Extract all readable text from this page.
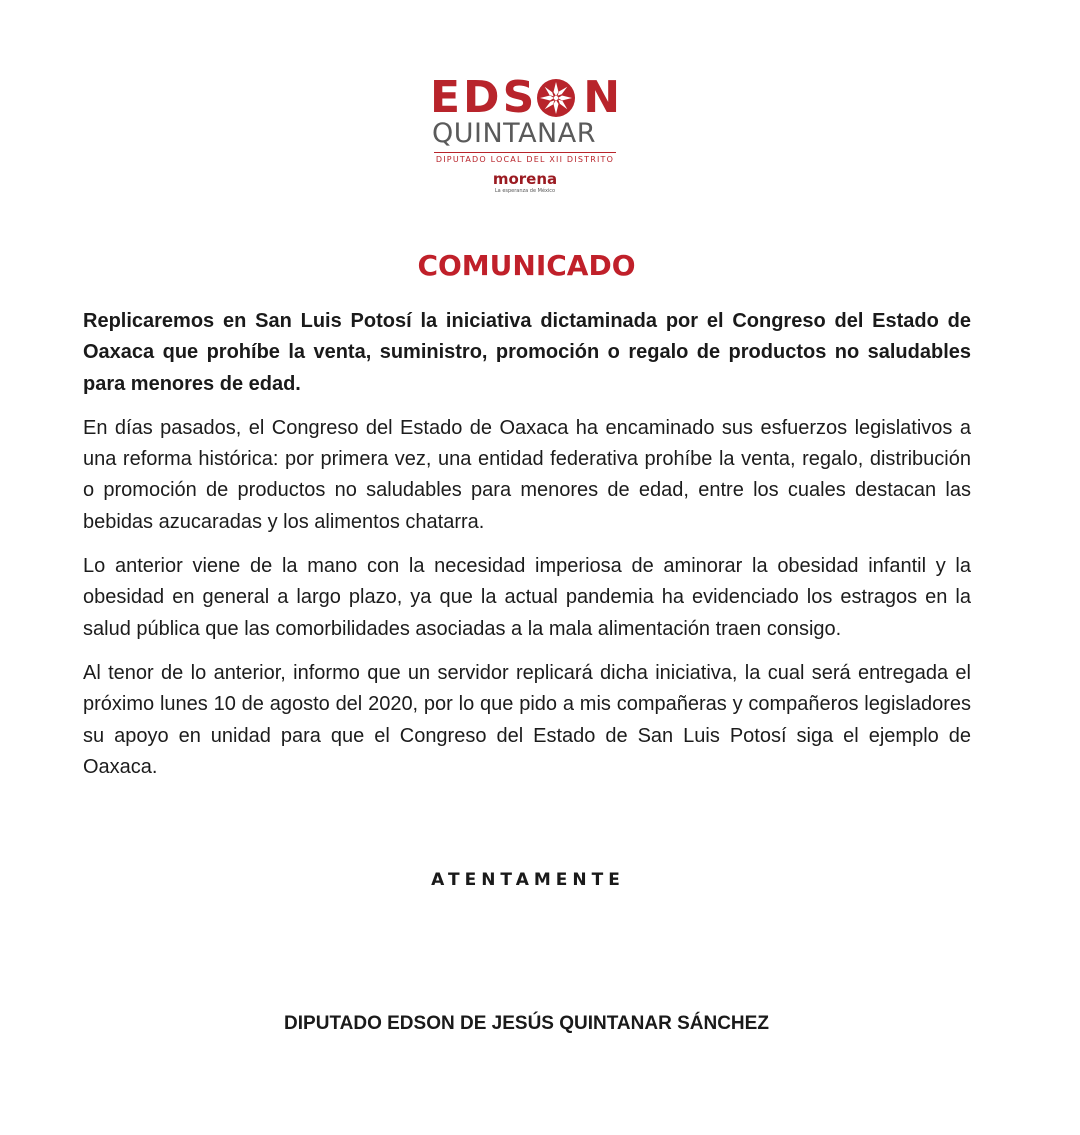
EDS N
QUINTANAR
DIPUTADO LOCAL DEL XII DISTRITO
morena
La esperanza de México
COMUNICADO

Replicaremos en San Luis Potosí la iniciativa dictaminada por el Congreso del Estado de Oaxaca que prohíbe la venta, suministro, promoción o regalo de productos no saludables para menores de edad.

En días pasados, el Congreso del Estado de Oaxaca ha encaminado sus esfuerzos legislativos a una reforma histórica: por primera vez, una entidad federativa prohíbe la venta, regalo, distribución o promoción de productos no saludables para menores de edad, entre los cuales destacan las bebidas azucaradas y los alimentos chatarra.

Lo anterior viene de la mano con la necesidad imperiosa de aminorar la obesidad infantil y la obesidad en general a largo plazo, ya que la actual pandemia ha evidenciado los estragos en la salud pública que las comorbilidades asociadas a la mala alimentación traen consigo.

Al tenor de lo anterior, informo que un servidor replicará dicha iniciativa, la cual será entregada el próximo lunes 10 de agosto del 2020, por lo que pido a mis compañeras y compañeros legisladores su apoyo en unidad para que el Congreso del Estado de San Luis Potosí siga el ejemplo de Oaxaca.

ATENTAMENTE
DIPUTADO EDSON DE JESÚS QUINTANAR SÁNCHEZ
